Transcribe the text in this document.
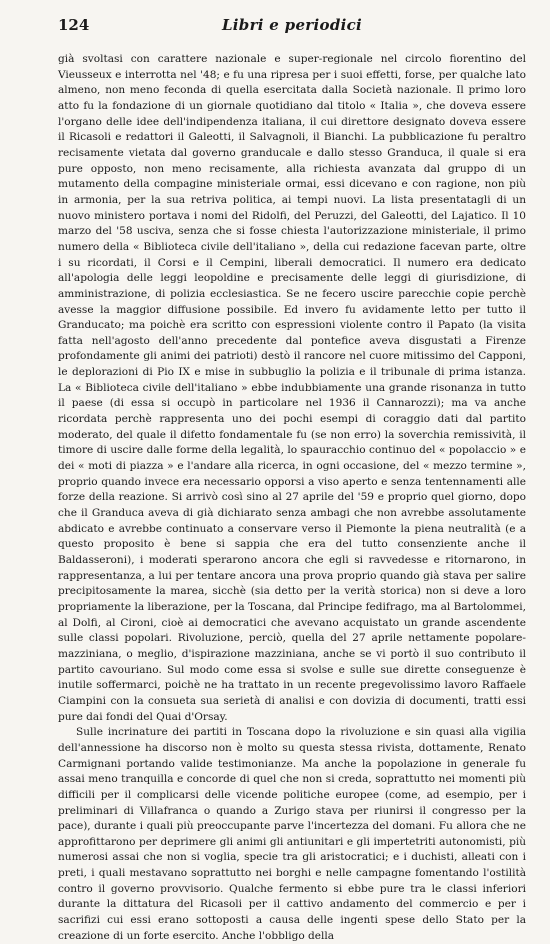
124	Libri e periodici

già svoltasi con carattere nazionale e super-regionale nel circolo fiorentino del Vieusseux e interrotta nel '48; e fu una ripresa per i suoi effetti, forse, per qualche lato almeno, non meno feconda di quella esercitata dalla Società nazionale. Il primo loro atto fu la fondazione di un giornale quotidiano dal titolo « Italia », che doveva essere l'organo delle idee dell'indipendenza italiana, il cui direttore designato doveva essere il Ricasoli e redattori il Galeotti, il Salvagnoli, il Bianchi. La pubblicazione fu peraltro recisamente vietata dal governo granducale e dallo stesso Granduca, il quale si era pure opposto, non meno recisamente, alla richiesta avanzata dal gruppo di un mutamento della compagine ministeriale ormai, essi dicevano e con ragione, non più in armonia, per la sua retriva politica, ai tempi nuovi. La lista presentatagli di un nuovo ministero portava i nomi del Ridolfi, del Peruzzi, del Galeotti, del Lajatico. Il 10 marzo del '58 usciva, senza che si fosse chiesta l'autorizzazione ministeriale, il primo numero della « Biblioteca civile dell'italiano », della cui redazione facevan parte, oltre i su ricordati, il Corsi e il Cempini, liberali democratici. Il numero era dedicato all'apologia delle leggi leopoldine e precisamente delle leggi di giurisdizione, di amministrazione, di polizia ecclesiastica. Se ne fecero uscire parecchie copie perchè avesse la maggior diffusione possibile. Ed invero fu avidamente letto per tutto il Granducato; ma poichè era scritto con espressioni violente contro il Papato (la visita fatta nell'agosto dell'anno precedente dal pontefice aveva disgustati a Firenze profondamente gli animi dei patrioti) destò il rancore nel cuore mitissimo del Capponi, le deplorazioni di Pio IX e mise in subbuglio la polizia e il tribunale di prima istanza. La « Biblioteca civile dell'italiano » ebbe indubbiamente una grande risonanza in tutto il paese (di essa si occupò in particolare nel 1936 il Cannarozzi); ma va anche ricordata perchè rappresenta uno dei pochi esempi di coraggio dati dal partito moderato, del quale il difetto fondamentale fu (se non erro) la soverchia remissività, il timore di uscire dalle forme della legalità, lo spauracchio continuo del « popolaccio » e dei « moti di piazza » e l'andare alla ricerca, in ogni occasione, del « mezzo termine », proprio quando invece era necessario opporsi a viso aperto e senza tentennamenti alle forze della reazione. Si arrivò così sino al 27 aprile del '59 e proprio quel giorno, dopo che il Granduca aveva di già dichiarato senza ambagi che non avrebbe assolutamente abdicato e avrebbe continuato a conservare verso il Piemonte la piena neutralità (e a questo proposito è bene si sappia che era del tutto consenziente anche il Baldasseroni), i moderati sperarono ancora che egli si ravvedesse e ritornarono, in rappresentanza, a lui per tentare ancora una prova proprio quando già stava per salire precipitosamente la marea, sicchè (sia detto per la verità storica) non si deve a loro propriamente la liberazione, per la Toscana, dal Principe fedifrago, ma al Bartolommei, al Dolfi, al Cironi, cioè ai democratici che avevano acquistato un grande ascendente sulle classi popolari. Rivoluzione, perciò, quella del 27 aprile nettamente popolare-mazziniana, o meglio, d'ispirazione mazziniana, anche se vi portò il suo contributo il partito cavouriano. Sul modo come essa si svolse e sulle sue dirette conseguenze è inutile soffermarci, poichè ne ha trattato in un recente pregevolissimo lavoro Raffaele Ciampini con la consueta sua serietà di analisi e con dovizia di documenti, tratti essi pure dai fondi del Quai d'Orsay.

Sulle incrinature dei partiti in Toscana dopo la rivoluzione e sin quasi alla vigilia dell'annessione ha discorso non è molto su questa stessa rivista, dottamente, Renato Carmignani portando valide testimonianze. Ma anche la popolazione in generale fu assai meno tranquilla e concorde di quel che non si creda, soprattutto nei momenti più difficili per il complicarsi delle vicende politiche europee (come, ad esempio, per i preliminari di Villafranca o quando a Zurigo stava per riunirsi il congresso per la pace), durante i quali più preoccupante parve l'incertezza del domani. Fu allora che ne approfittarono per deprimere gli animi gli antiunitari e gli impertetriti autonomisti, più numerosi assai che non si voglia, specie tra gli aristocratici; e i duchisti, alleati con i preti, i quali mestavano soprattutto nei borghi e nelle campagne fomentando l'ostilità contro il governo provvisorio. Qualche fermento si ebbe pure tra le classi inferiori durante la dittatura del Ricasoli per il cattivo andamento del commercio e per i sacrifizi cui essi erano sottoposti a causa delle ingenti spese dello Stato per la creazione di un forte esercito. Anche l'obbligo della
